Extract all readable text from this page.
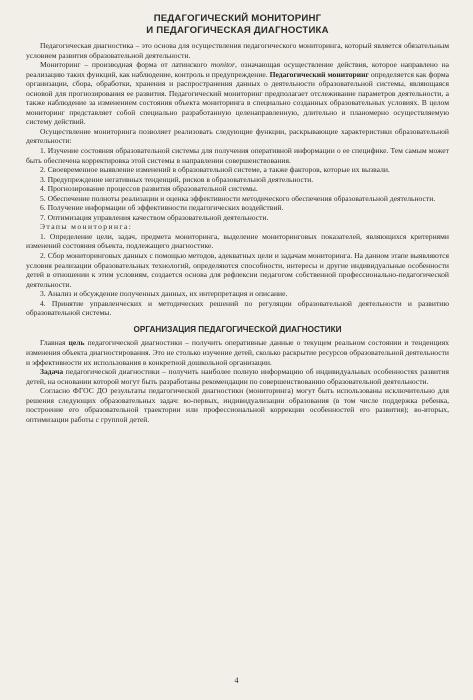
ПЕДАГОГИЧЕСКИЙ МОНИТОРИНГ
И ПЕДАГОГИЧЕСКАЯ ДИАГНОСТИКА

Педагогическая диагностика – это основа для осуществления педагогического мониторинга, который является обязательным условием развития образовательной деятельности.

Мониторинг – производная форма от латинского monitor, означающая осуществление действия, которое направлено на реализацию таких функций, как наблюдение, контроль и предупреждение. Педагогический мониторинг определяется как форма организации, сбора, обработки, хранения и распространения данных о деятельности образовательной системы, являющаяся основой для прогнозирования ее развития. Педагогический мониторинг предполагает отслеживание параметров деятельности, а также наблюдение за изменением состояния объекта мониторинга в специально созданных образовательных условиях. В целом мониторинг представляет собой специально разработанную целенаправленную, длительно и планомерно осуществляемую систему действий.

Осуществление мониторинга позволяет реализовать следующие функции, раскрывающие характеристики образовательной деятельности:

1. Изучение состояния образовательной системы для получения оперативной информации о ее специфике. Тем самым может быть обеспечена корректировка этой системы в направлении совершенствования.

2. Своевременное выявление изменений в образовательной системе, а также факторов, которые их вызвали.

3. Предупреждение негативных тенденций, рисков в образовательной деятельности.

4. Прогнозирование процессов развития образовательной системы.

5. Обеспечение полноты реализации и оценка эффективности методического обеспечения образовательной деятельности.

6. Получение информации об эффективности педагогических воздействий.

7. Оптимизация управления качеством образовательной деятельности.

Этапы мониторинга:

1. Определение цели, задач, предмета мониторинга, выделение мониторинговых показателей, являющихся критериями изменений состояния объекта, подлежащего диагностике.

2. Сбор мониторинговых данных с помощью методов, адекватных цели и задачам мониторинга. На данном этапе выявляются условия реализации образовательных технологий, определяются способности, интересы и другие индивидуальные особенности детей в отношении к этим условиям, создается основа для рефлексии педагогом собственной профессионально-педагогической деятельности.

3. Анализ и обсуждение полученных данных, их интерпретация и описание.

4. Принятие управленческих и методических решений по регуляции образовательной деятельности и развитию образовательной системы.

ОРГАНИЗАЦИЯ ПЕДАГОГИЧЕСКОЙ ДИАГНОСТИКИ

Главная цель педагогической диагностики – получить оперативные данные о текущем реальном состоянии и тенденциях изменения объекта диагностирования. Это не столько изучение детей, сколько раскрытие ресурсов образовательной деятельности и эффективности их использования в конкретной дошкольной организации.

Задача педагогической диагностики – получить наиболее полную информацию об индивидуальных особенностях развития детей, на основании которой могут быть разработаны рекомендации по совершенствованию образовательной деятельности.

Согласно ФГОС ДО результаты педагогической диагностики (мониторинга) могут быть использованы исключительно для решения следующих образовательных задач: во-первых, индивидуализации образования (в том числе поддержка ребенка, построение его образовательной траектории или профессиональной коррекции особенностей его развития); во-вторых, оптимизации работы с группой детей.

4
